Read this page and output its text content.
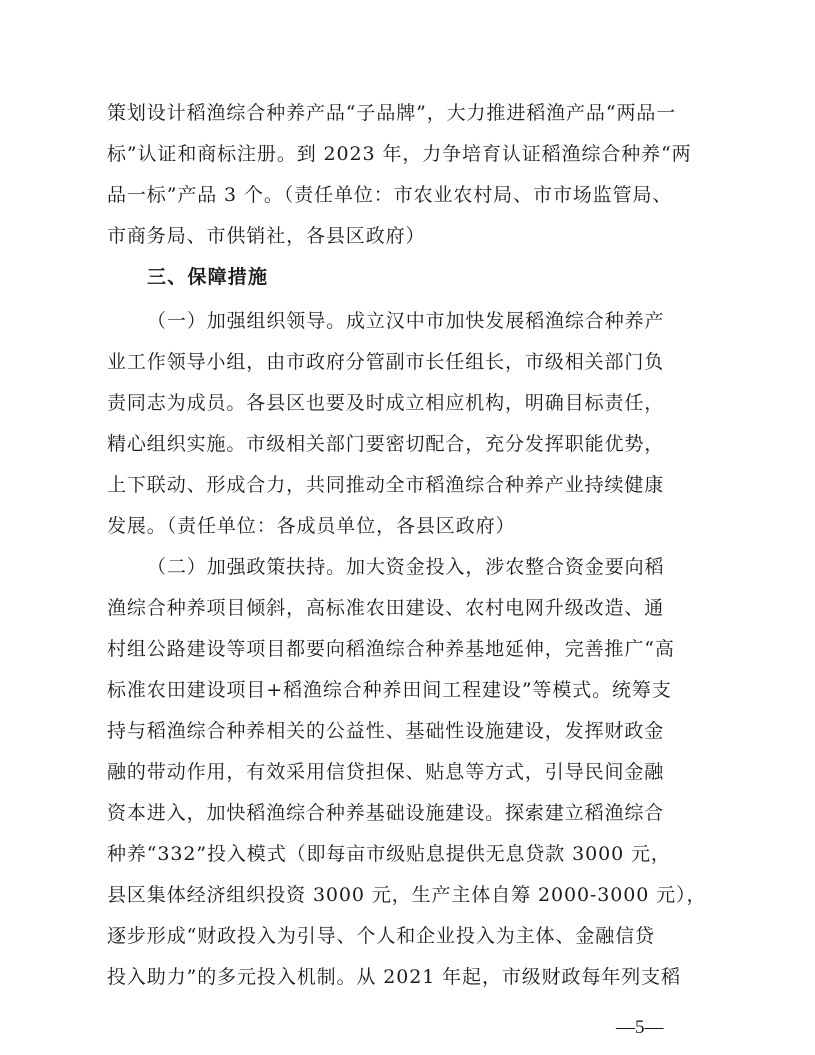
策划设计稻渔综合种养产品“子品牌”，大力推进稻渔产品“两品一
标”认证和商标注册。到 2023 年，力争培育认证稻渔综合种养“两
品一标”产品 3 个。（责任单位：市农业农村局、市市场监管局、
市商务局、市供销社，各县区政府）
三、保障措施
（一）加强组织领导。成立汉中市加快发展稻渔综合种养产
业工作领导小组，由市政府分管副市长任组长，市级相关部门负
责同志为成员。各县区也要及时成立相应机构，明确目标责任，
精心组织实施。市级相关部门要密切配合，充分发挥职能优势，
上下联动、形成合力，共同推动全市稻渔综合种养产业持续健康
发展。（责任单位：各成员单位，各县区政府）
（二）加强政策扶持。加大资金投入，涉农整合资金要向稻
渔综合种养项目倾斜，高标准农田建设、农村电网升级改造、通
村组公路建设等项目都要向稻渔综合种养基地延伸，完善推广“高
标准农田建设项目+稻渔综合种养田间工程建设”等模式。统筹支
持与稻渔综合种养相关的公益性、基础性设施建设，发挥财政金
融的带动作用，有效采用信贷担保、贴息等方式，引导民间金融
资本进入，加快稻渔综合种养基础设施建设。探索建立稻渔综合
种养“332”投入模式（即每亩市级贴息提供无息贷款 3000 元，
县区集体经济组织投资 3000 元，生产主体自筹 2000-3000 元），
逐步形成“财政投入为引导、个人和企业投入为主体、金融信贷
投入助力”的多元投入机制。从 2021 年起，市级财政每年列支稻
—5—
